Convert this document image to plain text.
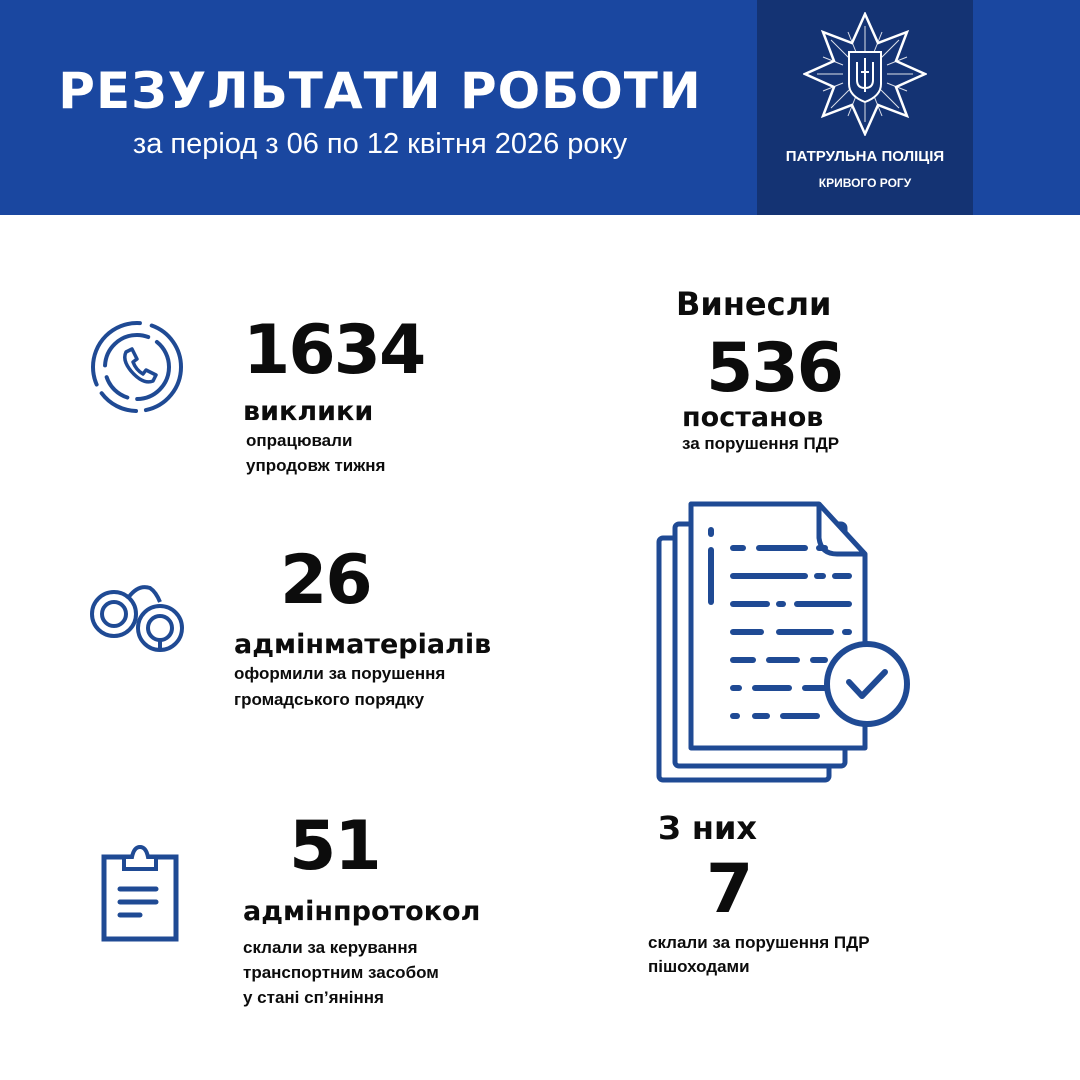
РЕЗУЛЬТАТИ РОБОТИ
за період з 06 по 12 квітня 2026 року	ПАТРУЛЬНА ПОЛІЦІЯ
КРИВОГО РОГУ
1634
виклики
опрацювали
упродовж тижня
26
адмінматеріалів
оформили за порушення
громадського порядку
51
адмінпротокол
склали за керування
транспортним засобом
у стані сп’яніння
Винесли
536
постанов
за порушення ПДР
З них
7
склали за порушення ПДР
пішоходами
